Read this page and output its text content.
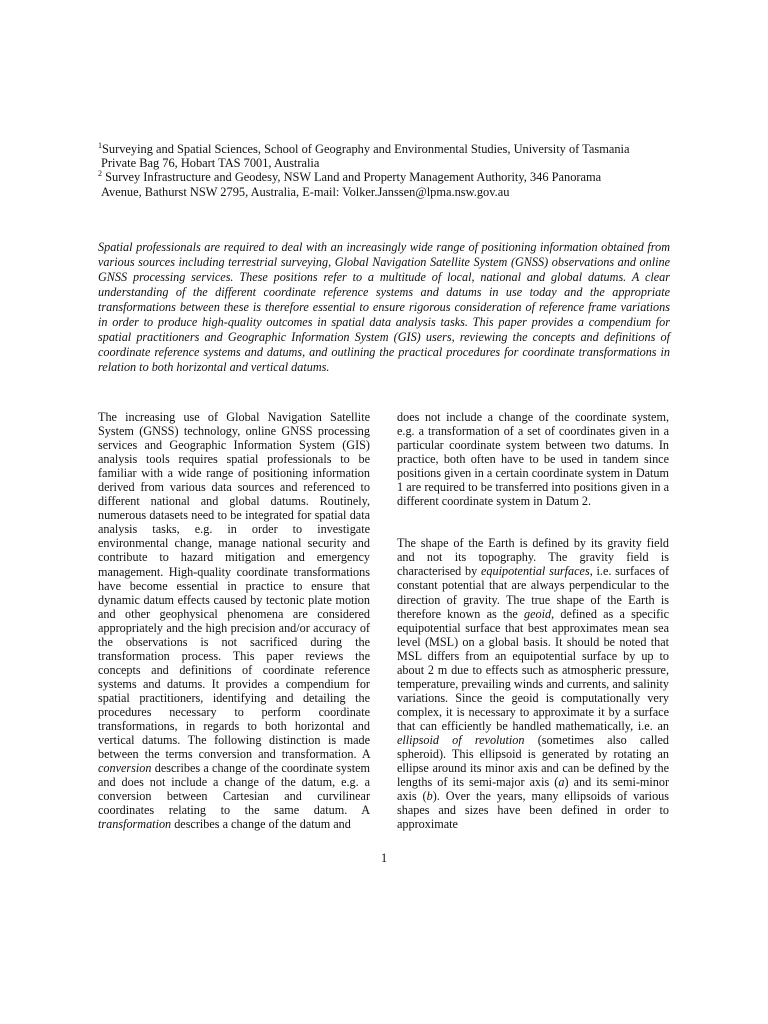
$^1$Surveying and Spatial Sciences, School of Geography and Environmental Studies, University of Tasmania
Private Bag 76, Hobart TAS 7001, Australia
$^2$ Survey Infrastructure and Geodesy, NSW Land and Property Management Authority, 346 Panorama
Avenue, Bathurst NSW 2795, Australia, E-mail: Volker.Janssen@lpma.nsw.gov.au

Spatial professionals are required to deal with an increasingly wide range of positioning information obtained from various sources including terrestrial surveying, Global Navigation Satellite System (GNSS) observations and online GNSS processing services. These positions refer to a multitude of local, national and global datums. A clear understanding of the different coordinate reference systems and datums in use today and the appropriate transformations between these is therefore essential to ensure rigorous consideration of reference frame variations in order to produce high-quality outcomes in spatial data analysis tasks. This paper provides a compendium for spatial practitioners and Geographic Information System (GIS) users, reviewing the concepts and definitions of coordinate reference systems and datums, and outlining the practical procedures for coordinate transformations in relation to both horizontal and vertical datums.

The increasing use of Global Navigation Satellite System (GNSS) technology, online GNSS processing services and Geographic Information System (GIS) analysis tools requires spatial professionals to be familiar with a wide range of positioning information derived from various data sources and referenced to different national and global datums. Routinely, numerous datasets need to be integrated for spatial data analysis tasks, e.g. in order to investigate environmental change, manage national security and contribute to hazard mitigation and emergency management. High-quality coordinate transformations have become essential in practice to ensure that dynamic datum effects caused by tectonic plate motion and other geophysical phenomena are considered appropriately and the high precision and/or accuracy of the observations is not sacrificed during the transformation process. This paper reviews the concepts and definitions of coordinate reference systems and datums. It provides a compendium for spatial practitioners, identifying and detailing the procedures necessary to perform coordinate transformations, in regards to both horizontal and vertical datums. The following distinction is made between the terms conversion and transformation. A conversion describes a change of the coordinate system and does not include a change of the datum, e.g. a conversion between Cartesian and curvilinear coordinates relating to the same datum. A transformation describes a change of the datum and

does not include a change of the coordinate system, e.g. a transformation of a set of coordinates given in a particular coordinate system between two datums. In practice, both often have to be used in tandem since positions given in a certain coordinate system in Datum 1 are required to be transferred into positions given in a different coordinate system in Datum 2.

The shape of the Earth is defined by its gravity field and not its topography. The gravity field is characterised by equipotential surfaces, i.e. surfaces of constant potential that are always perpendicular to the direction of gravity. The true shape of the Earth is therefore known as the geoid, defined as a specific equipotential surface that best approximates mean sea level (MSL) on a global basis. It should be noted that MSL differs from an equipotential surface by up to about 2 m due to effects such as atmospheric pressure, temperature, prevailing winds and currents, and salinity variations. Since the geoid is computationally very complex, it is necessary to approximate it by a surface that can efficiently be handled mathematically, i.e. an ellipsoid of revolution (sometimes also called spheroid). This ellipsoid is generated by rotating an ellipse around its minor axis and can be defined by the lengths of its semi-major axis (a) and its semi-minor axis (b). Over the years, many ellipsoids of various shapes and sizes have been defined in order to approximate

1
